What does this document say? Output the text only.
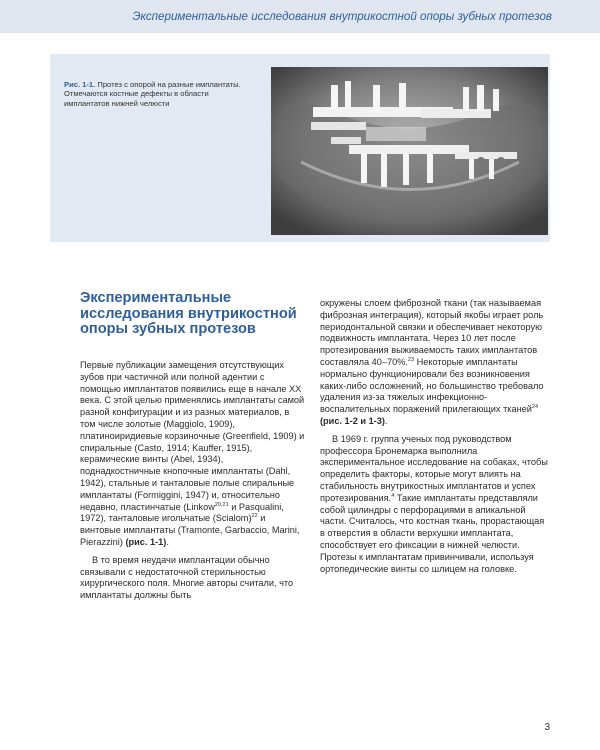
Экспериментальные исследования внутрикостной опоры зубных протезов
Рис. 1-1. Протез с опорой на разные имплантаты. Отмечаются костные дефекты в области имплантатов нижней челюсти
Экспериментальные исследования внутрикостной опоры зубных протезов

Первые публикации замещения отсутствующих зубов при частичной или полной адентии с помощью имплантатов появились еще в начале XX века. С этой целью применялись имплантаты самой разной конфигурации и из разных материалов, в том числе золотые (Maggiolo, 1909), платиноиридиевые корзиночные (Greenfield, 1909) и спиральные (Casto, 1914; Kauffer, 1915), керамические винты (Abel, 1934), поднадкостничные кнопочные имплантаты (Dahl, 1942), стальные и танталовые полые спиральные имплантаты (Formiggini, 1947) и, относительно недавно, пластинчатые (Linkow$^{20,21}$ и Pasqualini, 1972), танталовые игольчатые (Scialom)$^{22}$ и винтовые имплантаты (Tramonte, Garbaccio, Marini, Pierazzini) (рис. 1-1).

В то время неудачи имплантации обычно связывали с недостаточной стерильностью хирургического поля. Многие авторы считали, что имплантаты должны быть

окружены слоем фиброзной ткани (так называемая фиброзная интеграция), который якобы играет роль периодонтальной связки и обеспечивает некоторую подвижность имплантата. Через 10 лет после протезирования выживаемость таких имплантатов составляла 40–70%.$^{23}$ Некоторые имплантаты нормально функционировали без возникновения каких-либо осложнений, но большинство требовало удаления из-за тяжелых инфекционно-воспалительных поражений прилегающих тканей$^{24}$ (рис. 1-2 и 1-3).

В 1969 г. группа ученых под руководством профессора Бронемарка выполнила экспериментальное исследование на собаках, чтобы определить факторы, которые могут влиять на стабильность внутрикостных имплантатов и успех протезирования.$^4$ Такие имплантаты представляли собой цилиндры с перфорациями в апикальной части. Считалось, что костная ткань, прорастающая в отверстия в области верхушки имплантата, способствует его фиксации в нижней челюсти. Протезы к имплантатам привинчивали, используя ортопедические винты со шлицем на головке.

3
